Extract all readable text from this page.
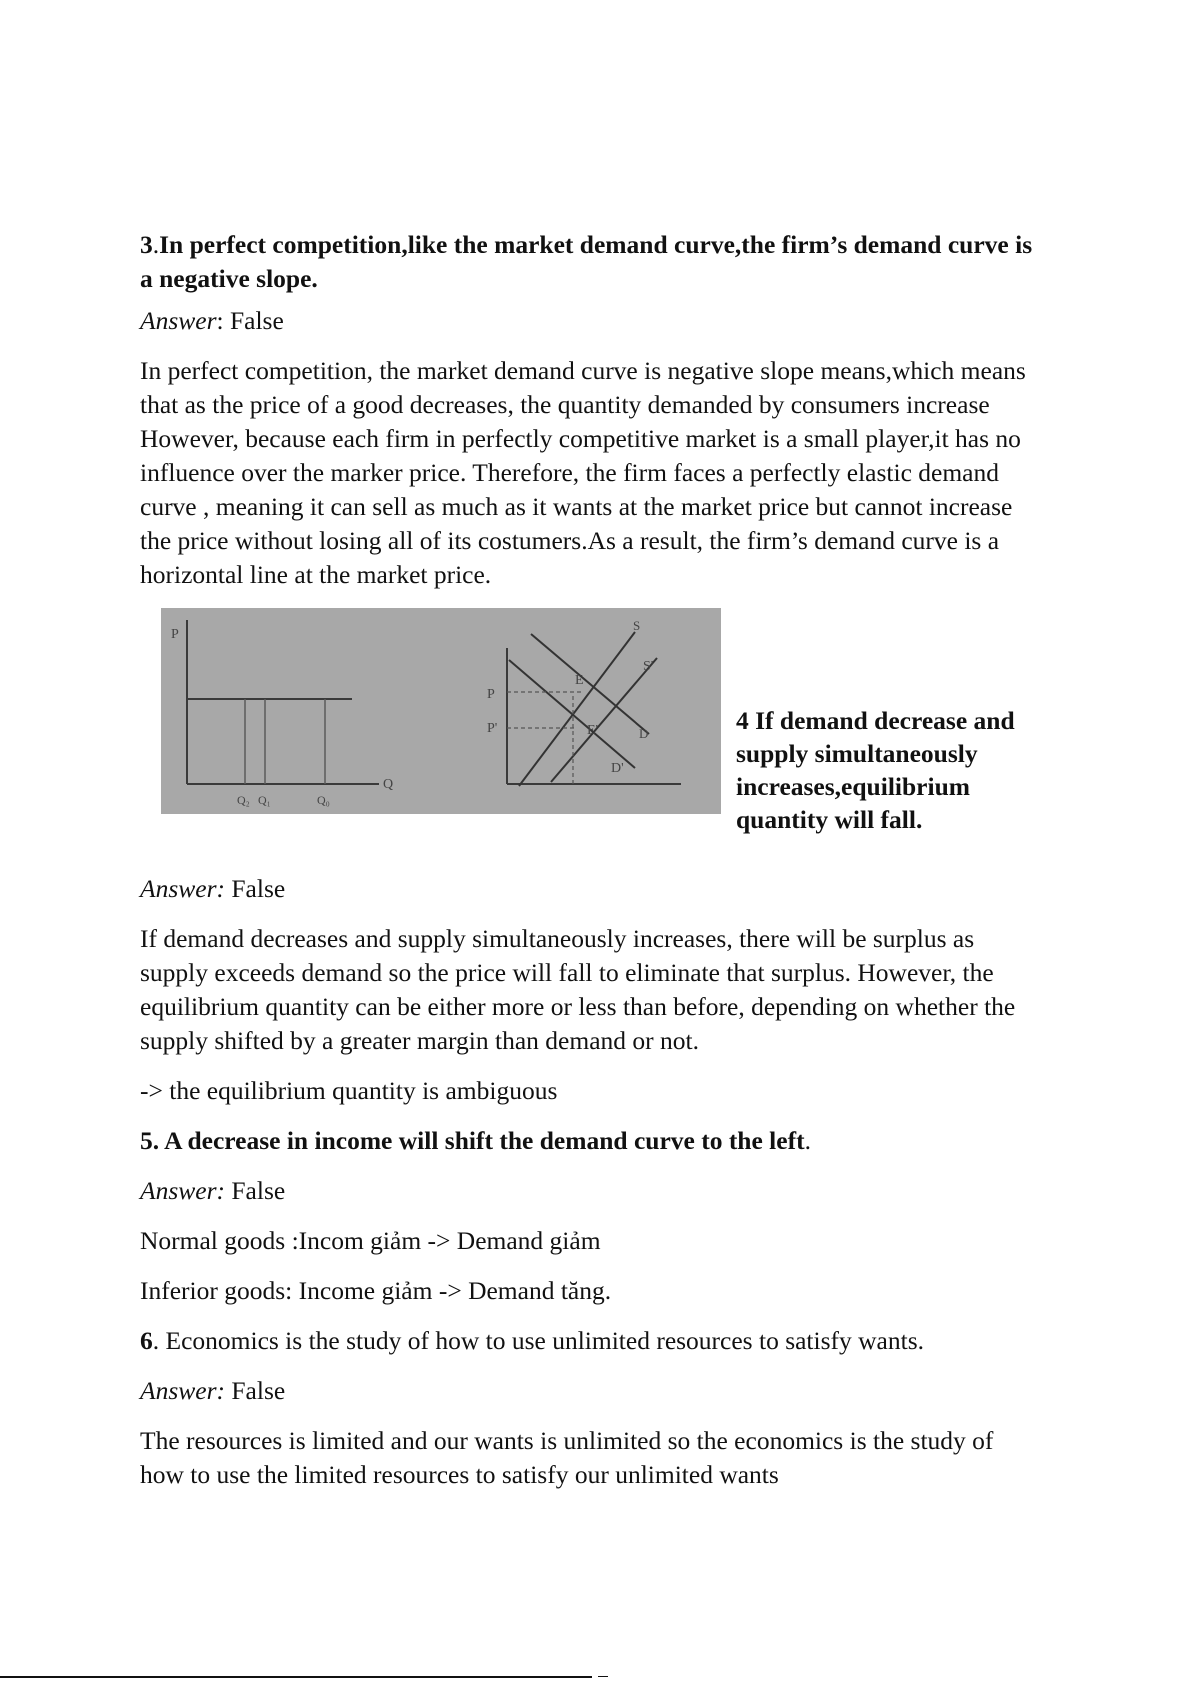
3.In perfect competition,like the market demand curve,the firm’s demand curve is a negative slope.

Answer: False

In perfect competition, the market demand curve is negative slope means,which means that as the price of a good decreases, the quantity demanded by consumers increase However, because each firm in perfectly competitive market is a small player,it has no influence over the marker price. Therefore, the firm faces a perfectly elastic demand curve , meaning it can sell as much as it wants at the market price but cannot increase the price without losing all of its costumers.As a result, the firm’s demand curve is a horizontal line at the market price.

P
Q
Q₂ Q₁	Q₀
P
P'
E
E'
S
S'
D
D'
4 If demand decrease and supply simultaneously increases,equilibrium quantity will fall.

Answer: False

If demand decreases and supply simultaneously increases, there will be surplus as supply exceeds demand so the price will fall to eliminate that surplus. However, the equilibrium quantity can be either more or less than before, depending on whether the supply shifted by a greater margin than demand or not.

-> the equilibrium quantity is ambiguous

5. A decrease in income will shift the demand curve to the left.

Answer: False

Normal goods :Incom giảm -> Demand giảm

Inferior goods: Income giảm -> Demand tăng.

6. Economics is the study of how to use unlimited resources to satisfy wants.

Answer: False

The resources is limited and our wants is unlimited so the economics is the study of how to use the limited resources to satisfy our unlimited wants
